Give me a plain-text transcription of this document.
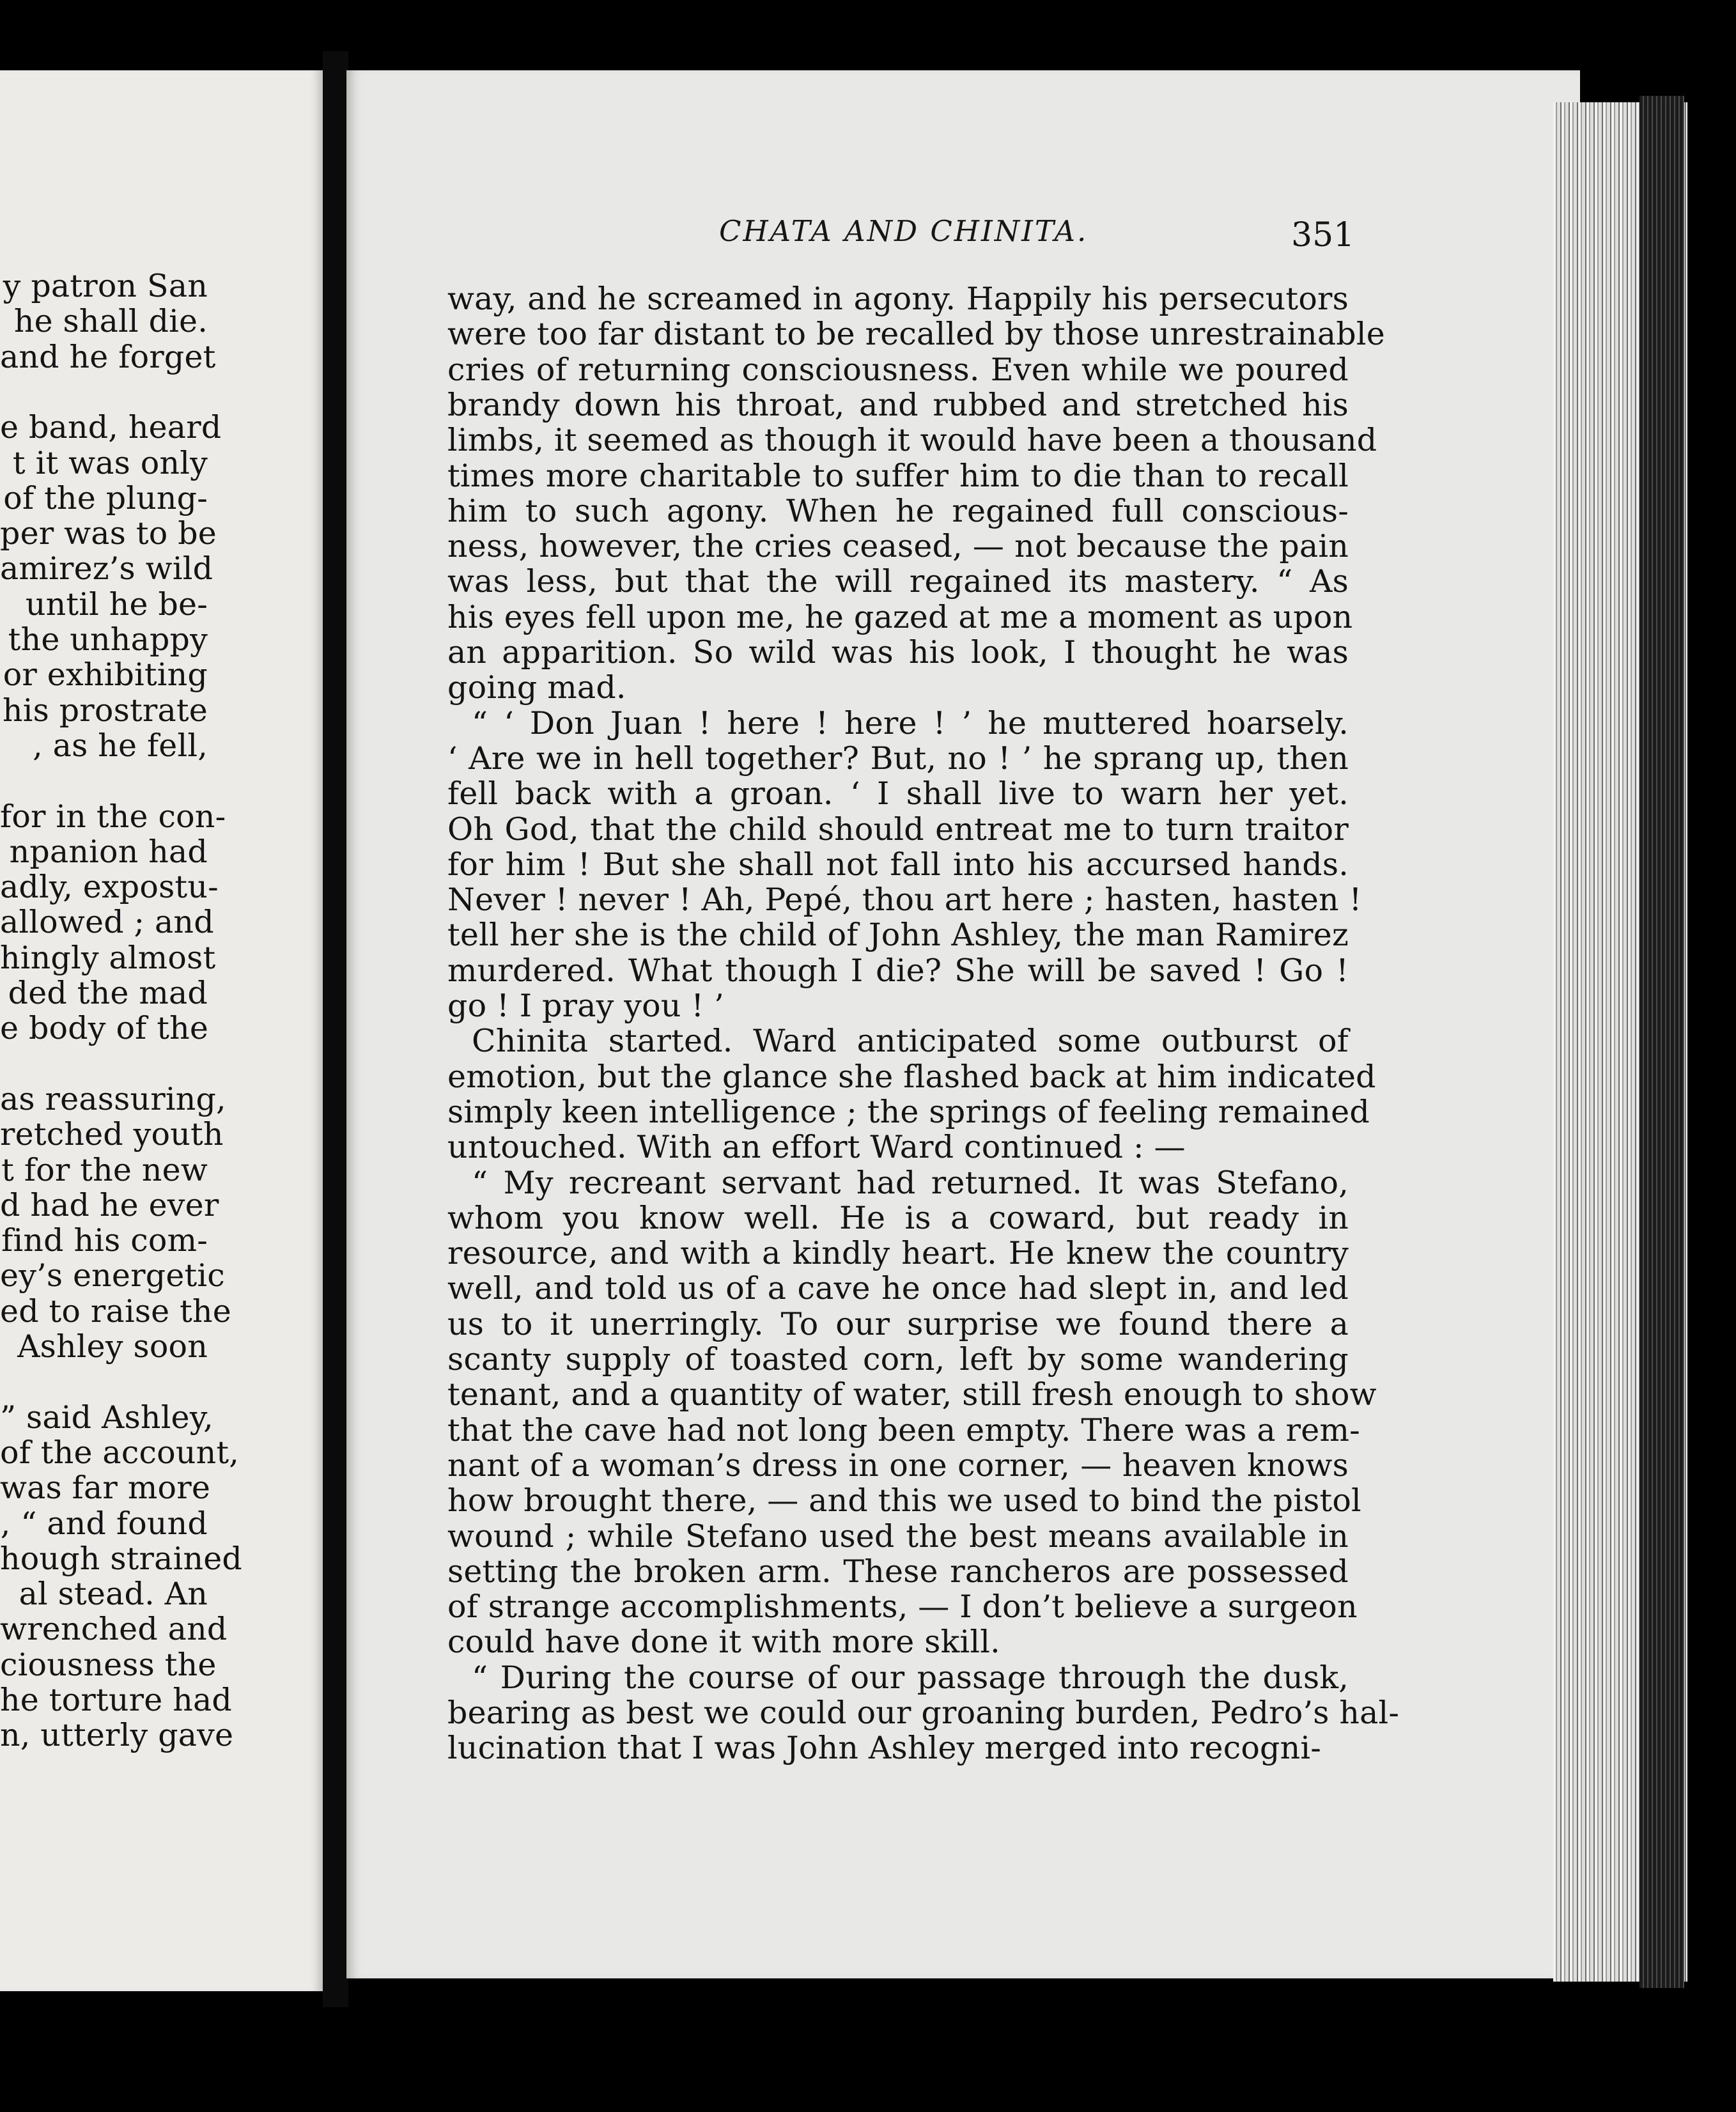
y patron San
he shall die.
and he forget
e band, heard
t it was only
of the plung-
per was to be
amirez’s wild
until he be-
the unhappy
or exhibiting
his prostrate
, as he fell,
for in the con-
npanion had
adly, expostu-
allowed ; and
hingly almost
ded the mad
e body of the
as reassuring,
retched youth
t for the new
d had he ever
find his com-
ey’s energetic
ed to raise the
Ashley soon
” said Ashley,
of the account,
was far more
, “ and found
hough strained
al stead. An
wrenched and
ciousness the
he torture had
n, utterly gave
CHATA AND CHINITA.	351
way, and he screamed in agony. Happily his persecutors
were too far distant to be recalled by those unrestrainable
cries of returning consciousness. Even while we poured
brandy down his throat, and rubbed and stretched his
limbs, it seemed as though it would have been a thousand
times more charitable to suffer him to die than to recall
him to such agony. When he regained full conscious-
ness, however, the cries ceased, — not because the pain
was less, but that the will regained its mastery. “ As
his eyes fell upon me, he gazed at me a moment as upon
an apparition. So wild was his look, I thought he was
going mad.
“ ‘ Don Juan ! here ! here ! ’ he muttered hoarsely.
‘ Are we in hell together? But, no ! ’ he sprang up, then
fell back with a groan. ‘ I shall live to warn her yet.
Oh God, that the child should entreat me to turn traitor
for him ! But she shall not fall into his accursed hands.
Never ! never ! Ah, Pepé, thou art here ; hasten, hasten !
tell her she is the child of John Ashley, the man Ramirez
murdered. What though I die? She will be saved ! Go !
go ! I pray you ! ’
Chinita started. Ward anticipated some outburst of
emotion, but the glance she flashed back at him indicated
simply keen intelligence ; the springs of feeling remained
untouched. With an effort Ward continued : —
“ My recreant servant had returned. It was Stefano,
whom you know well. He is a coward, but ready in
resource, and with a kindly heart. He knew the country
well, and told us of a cave he once had slept in, and led
us to it unerringly. To our surprise we found there a
scanty supply of toasted corn, left by some wandering
tenant, and a quantity of water, still fresh enough to show
that the cave had not long been empty. There was a rem-
nant of a woman’s dress in one corner, — heaven knows
how brought there, — and this we used to bind the pistol
wound ; while Stefano used the best means available in
setting the broken arm. These rancheros are possessed
of strange accomplishments, — I don’t believe a surgeon
could have done it with more skill.
“ During the course of our passage through the dusk,
bearing as best we could our groaning burden, Pedro’s hal-
lucination that I was John Ashley merged into recogni-
